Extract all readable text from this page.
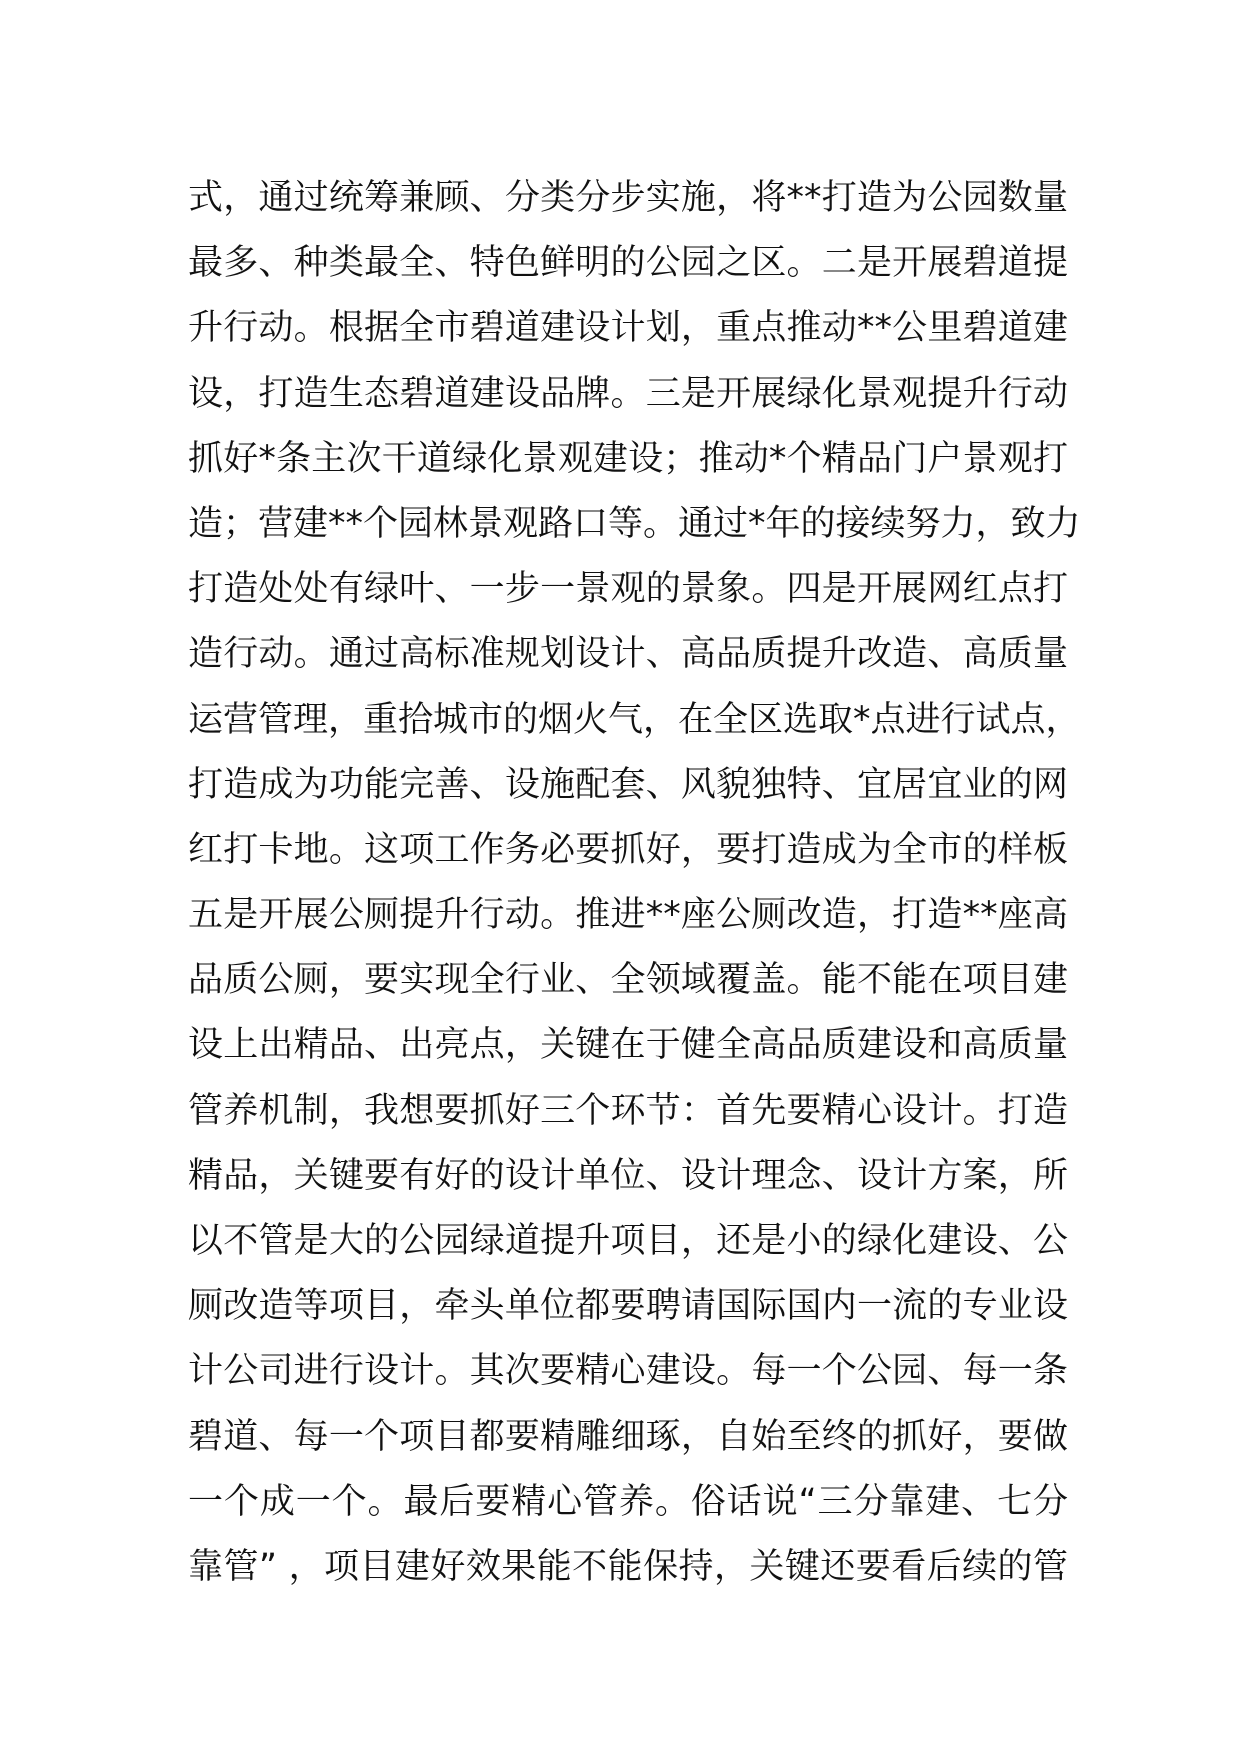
式，通过统筹兼顾、分类分步实施，将**打造为公园数量
最多、种类最全、特色鲜明的公园之区。二是开展碧道提
升行动。根据全市碧道建设计划，重点推动**公里碧道建
设，打造生态碧道建设品牌。三是开展绿化景观提升行动
抓好*条主次干道绿化景观建设；推动*个精品门户景观打
造；营建**个园林景观路口等。通过*年的接续努力，致力
打造处处有绿叶、一步一景观的景象。四是开展网红点打
造行动。通过高标准规划设计、高品质提升改造、高质量
运营管理，重拾城市的烟火气，在全区选取*点进行试点，
打造成为功能完善、设施配套、风貌独特、宜居宜业的网
红打卡地。这项工作务必要抓好，要打造成为全市的样板
五是开展公厕提升行动。推进**座公厕改造，打造**座高
品质公厕，要实现全行业、全领域覆盖。能不能在项目建
设上出精品、出亮点，关键在于健全高品质建设和高质量
管养机制，我想要抓好三个环节：首先要精心设计。打造
精品，关键要有好的设计单位、设计理念、设计方案，所
以不管是大的公园绿道提升项目，还是小的绿化建设、公
厕改造等项目，牵头单位都要聘请国际国内一流的专业设
计公司进行设计。其次要精心建设。每一个公园、每一条
碧道、每一个项目都要精雕细琢，自始至终的抓好，要做
一个成一个。最后要精心管养。俗话说“三分靠建、七分
靠管” ，项目建好效果能不能保持，关键还要看后续的管
